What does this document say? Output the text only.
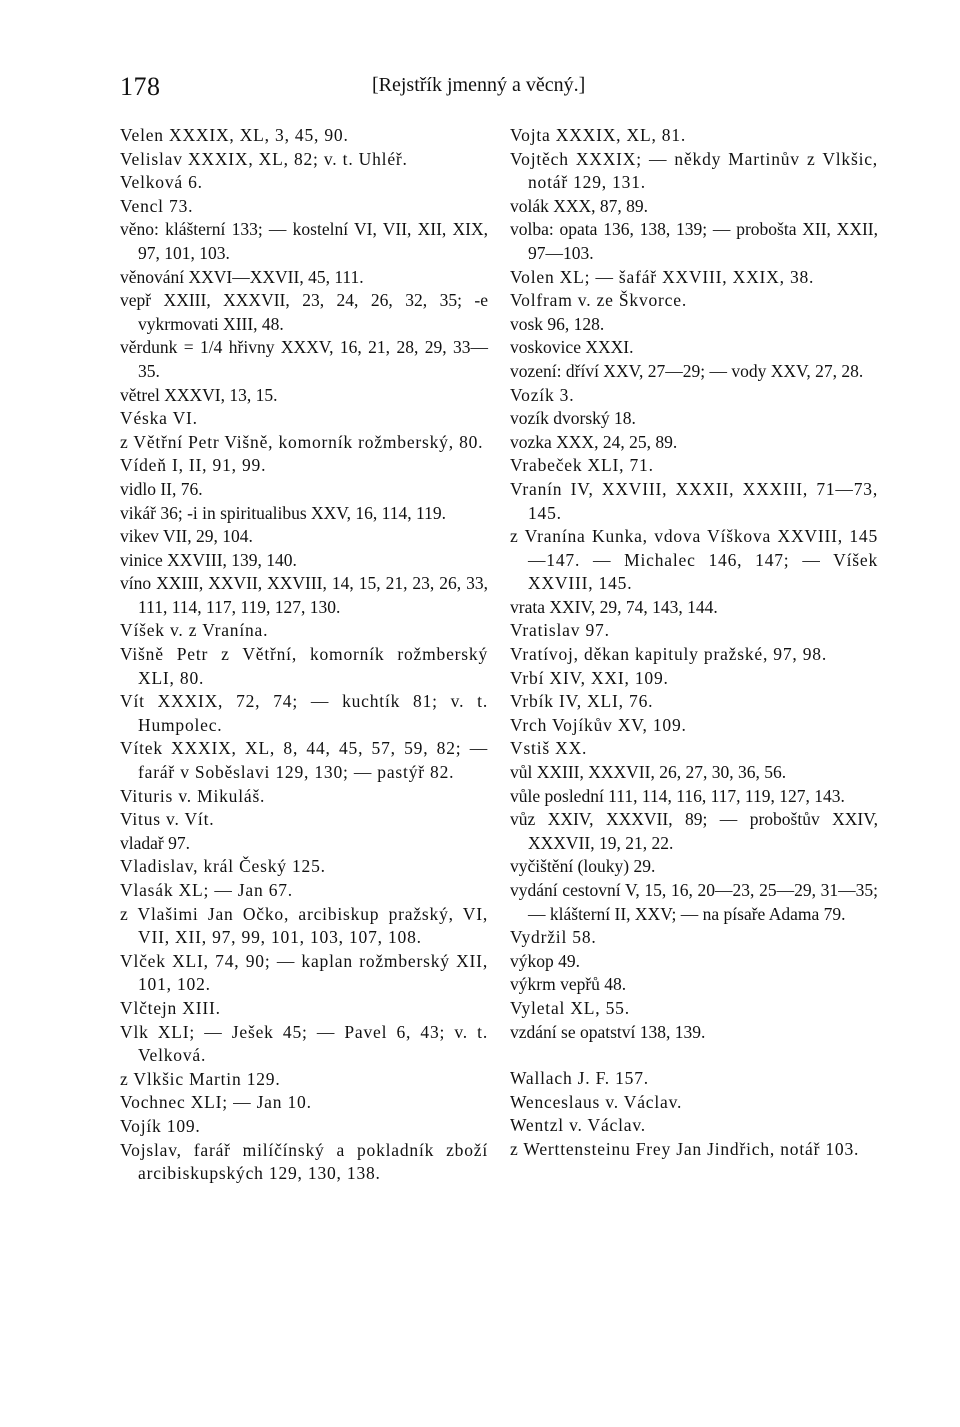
178	[Rejstřík jmenný a věcný.]

Velen XXXIX, XL, 3, 45, 90.

Velislav XXXIX, XL, 82; v. t. Uhléř.

Velková 6.

Vencl 73.

věno: klášterní 133; — kostelní VI, VII, XII, XIX, 97, 101, 103.

věnování XXVI—XXVII, 45, 111.

vepř XXIII, XXXVII, 23, 24, 26, 32, 35; -e vykrmovati XIII, 48.

věrdunk = 1/4 hřivny XXXV, 16, 21, 28, 29, 33—35.

větrel XXXVI, 13, 15.

Véska VI.

z Větřní Petr Višně, komorník rožmberský, 80.

Vídeň I, II, 91, 99.

vidlo II, 76.

vikář 36; -i in spiritualibus XXV, 16, 114, 119.

vikev VII, 29, 104.

vinice XXVIII, 139, 140.

víno XXIII, XXVII, XXVIII, 14, 15, 21, 23, 26, 33, 111, 114, 117, 119, 127, 130.

Víšek v. z Vranína.

Višně Petr z Větřní, komorník rožmberský XLI, 80.

Vít XXXIX, 72, 74; — kuchtík 81; v. t. Humpolec.

Vítek XXXIX, XL, 8, 44, 45, 57, 59, 82; — farář v Soběslavi 129, 130; — pastýř 82.

Vituris v. Mikuláš.

Vitus v. Vít.

vladař 97.

Vladislav, král Český 125.

Vlasák XL; — Jan 67.

z Vlašimi Jan Očko, arcibiskup pražský, VI, VII, XII, 97, 99, 101, 103, 107, 108.

Vlček XLI, 74, 90; — kaplan rožmberský XII, 101, 102.

Vlčtejn XIII.

Vlk XLI; — Ješek 45; — Pavel 6, 43; v. t. Velková.

z Vlkšic Martin 129.

Vochnec XLI; — Jan 10.

Vojík 109.

Vojslav, farář milíčínský a pokladník zboží arcibiskupských 129, 130, 138.

Vojta XXXIX, XL, 81.

Vojtěch XXXIX; — někdy Martinův z Vlkšic, notář 129, 131.

volák XXX, 87, 89.

volba: opata 136, 138, 139; — probošta XII, XXII, 97—103.

Volen XL; — šafář XXVIII, XXIX, 38.

Volfram v. ze Škvorce.

vosk 96, 128.

voskovice XXXI.

vození: dříví XXV, 27—29; — vody XXV, 27, 28.

Vozík 3.

vozík dvorský 18.

vozka XXX, 24, 25, 89.

Vrabeček XLI, 71.

Vranín IV, XXVIII, XXXII, XXXIII, 71—73, 145.

z Vranína Kunka, vdova Víškova XXVIII, 145—147. — Michalec 146, 147; — Víšek XXVIII, 145.

vrata XXIV, 29, 74, 143, 144.

Vratislav 97.

Vratívoj, děkan kapituly pražské, 97, 98.

Vrbí XIV, XXI, 109.

Vrbík IV, XLI, 76.

Vrch Vojíkův XV, 109.

Vstiš XX.

vůl XXIII, XXXVII, 26, 27, 30, 36, 56.

vůle poslední 111, 114, 116, 117, 119, 127, 143.

vůz XXIV, XXXVII, 89; — proboštův XXIV, XXXVII, 19, 21, 22.

vyčištění (louky) 29.

vydání cestovní V, 15, 16, 20—23, 25—29, 31—35; — klášterní II, XXV; — na písaře Adama 79.

Vydržil 58.

výkop 49.

výkrm vepřů 48.

Vyletal XL, 55.

vzdání se opatství 138, 139.

Wallach J. F. 157.

Wenceslaus v. Václav.

Wentzl v. Václav.

z Werttensteinu Frey Jan Jindřich, notář 103.
